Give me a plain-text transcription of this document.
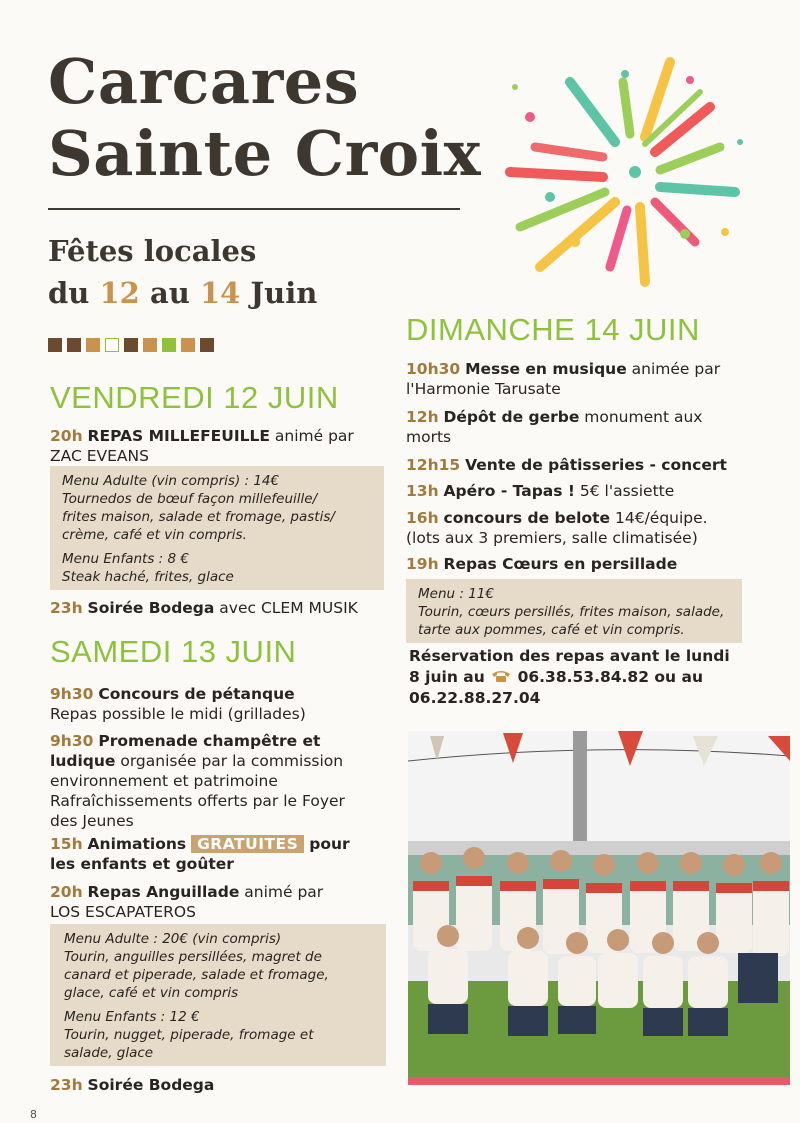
Carcares
Sainte Croix
Fêtes locales
du 12 au 14 Juin
VENDREDI 12 JUIN
20h REPAS MILLEFEUILLE animé par
ZAC EVEANS

Menu Adulte (vin compris) : 14€
Tournedos de bœuf façon millefeuille/
frites maison, salade et fromage, pastis/
crème, café et vin compris.

Menu Enfants : 8 €
Steak haché, frites, glace

23h Soirée Bodega avec CLEM MUSIK
SAMEDI 13 JUIN
9h30 Concours de pétanque
Repas possible le midi (grillades)
9h30 Promenade champêtre et
ludique organisée par la commission
environnement et patrimoine
Rafraîchissements offerts par le Foyer
des Jeunes
15h Animations GRATUITES pour
les enfants et goûter
20h Repas Anguillade animé par
LOS ESCAPATEROS

Menu Adulte : 20€ (vin compris)
Tourin, anguilles persillées, magret de
canard et piperade, salade et fromage,
glace, café et vin compris

Menu Enfants : 12 €
Tourin, nugget, piperade, fromage et
salade, glace

23h Soirée Bodega
DIMANCHE 14 JUIN
10h30 Messe en musique animée par
l'Harmonie Tarusate
12h Dépôt de gerbe monument aux
morts
12h15 Vente de pâtisseries - concert
13h Apéro - Tapas ! 5€ l'assiette
16h concours de belote 14€/équipe.
(lots aux 3 premiers, salle climatisée)
19h Repas Cœurs en persillade

Menu : 11€
Tourin, cœurs persillés, frites maison, salade,
tarte aux pommes, café et vin compris.

Réservation des repas avant le lundi
8 juin au 06.38.53.84.82 ou au
06.22.88.27.04
8
